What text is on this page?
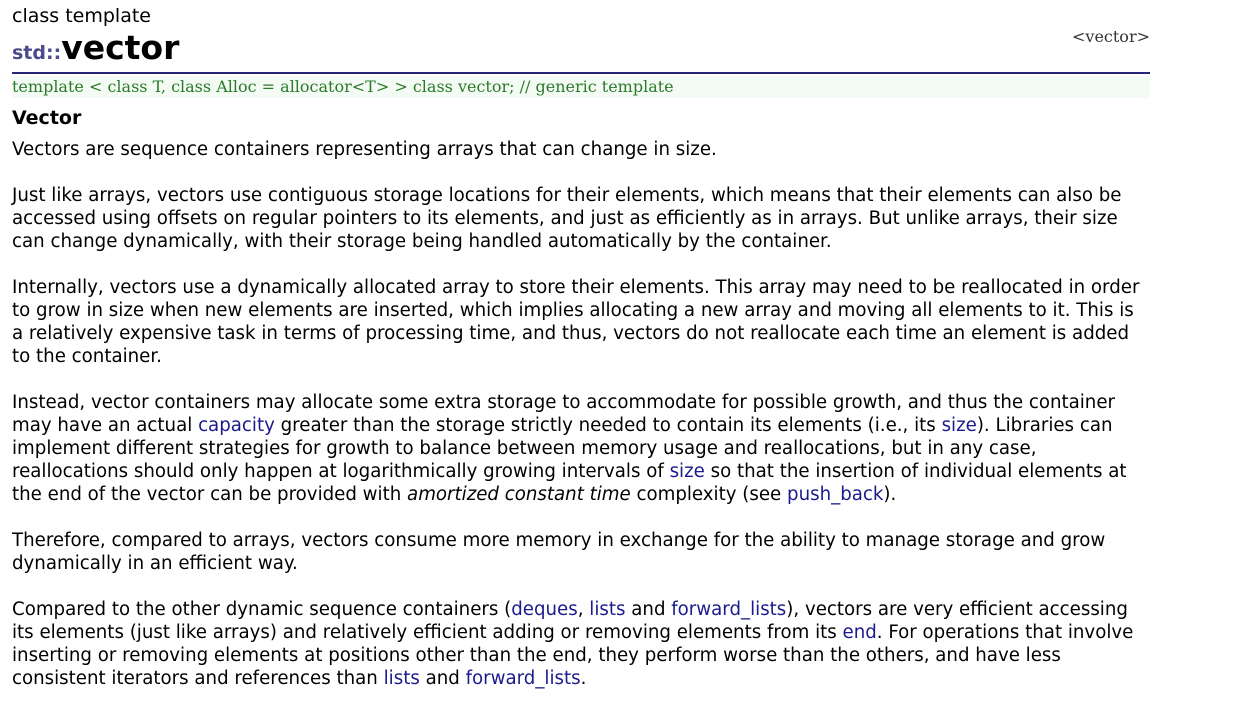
class template
std::vector	<vector>
template < class T, class Alloc = allocator<T> > class vector; // generic template
Vector

Vectors are sequence containers representing arrays that can change in size.

Just like arrays, vectors use contiguous storage locations for their elements, which means that their elements can also be accessed using offsets on regular pointers to its elements, and just as efficiently as in arrays. But unlike arrays, their size can change dynamically, with their storage being handled automatically by the container.

Internally, vectors use a dynamically allocated array to store their elements. This array may need to be reallocated in order to grow in size when new elements are inserted, which implies allocating a new array and moving all elements to it. This is a relatively expensive task in terms of processing time, and thus, vectors do not reallocate each time an element is added to the container.

Instead, vector containers may allocate some extra storage to accommodate for possible growth, and thus the container may have an actual capacity greater than the storage strictly needed to contain its elements (i.e., its size). Libraries can implement different strategies for growth to balance between memory usage and reallocations, but in any case, reallocations should only happen at logarithmically growing intervals of size so that the insertion of individual elements at the end of the vector can be provided with amortized constant time complexity (see push_back).

Therefore, compared to arrays, vectors consume more memory in exchange for the ability to manage storage and grow dynamically in an efficient way.

Compared to the other dynamic sequence containers (deques, lists and forward_lists), vectors are very efficient accessing its elements (just like arrays) and relatively efficient adding or removing elements from its end. For operations that involve inserting or removing elements at positions other than the end, they perform worse than the others, and have less consistent iterators and references than lists and forward_lists.
